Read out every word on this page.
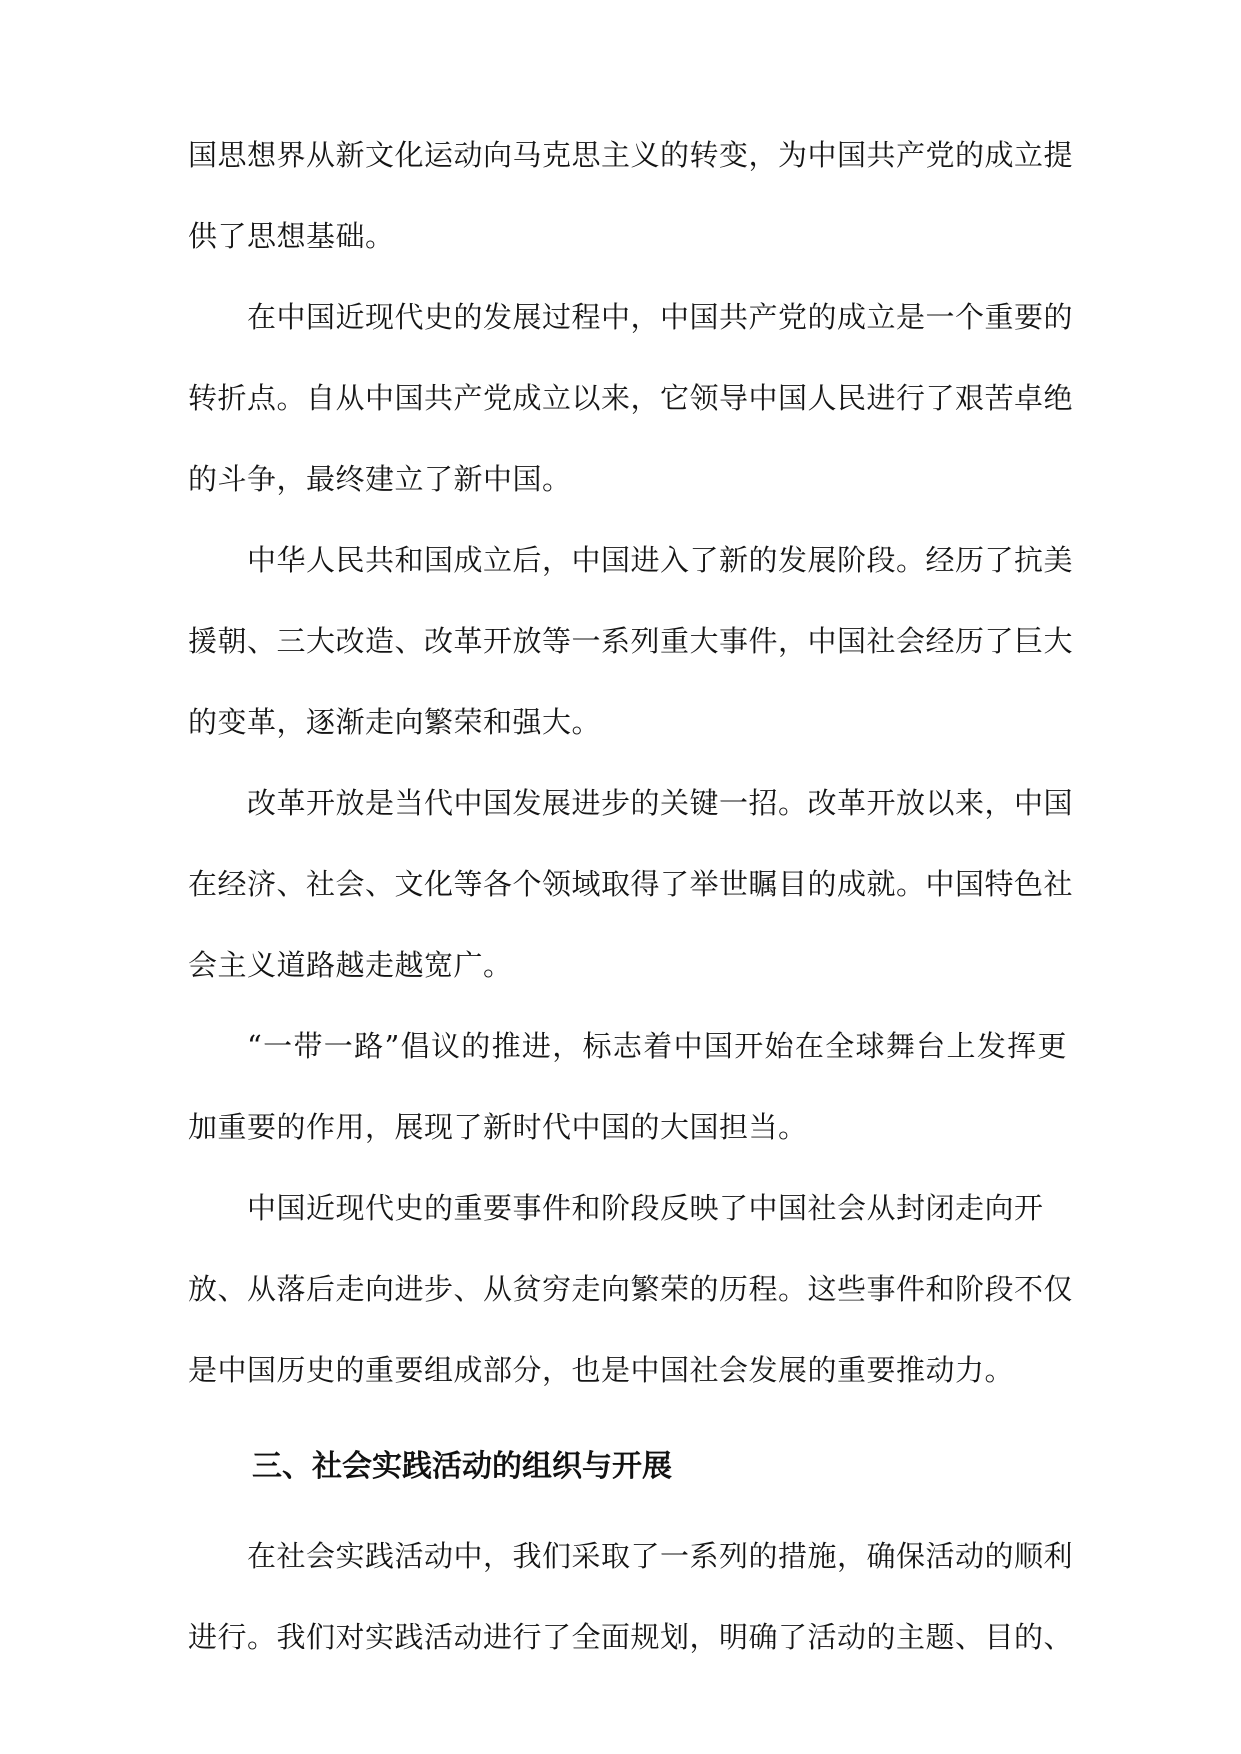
国思想界从新文化运动向马克思主义的转变，为中国共产党的成立提
供了思想基础。
在中国近现代史的发展过程中，中国共产党的成立是一个重要的
转折点。自从中国共产党成立以来，它领导中国人民进行了艰苦卓绝
的斗争，最终建立了新中国。
中华人民共和国成立后，中国进入了新的发展阶段。经历了抗美
援朝、三大改造、改革开放等一系列重大事件，中国社会经历了巨大
的变革，逐渐走向繁荣和强大。
改革开放是当代中国发展进步的关键一招。改革开放以来，中国
在经济、社会、文化等各个领域取得了举世瞩目的成就。中国特色社
会主义道路越走越宽广。
“一带一路”倡议的推进，标志着中国开始在全球舞台上发挥更
加重要的作用，展现了新时代中国的大国担当。
中国近现代史的重要事件和阶段反映了中国社会从封闭走向开
放、从落后走向进步、从贫穷走向繁荣的历程。这些事件和阶段不仅
是中国历史的重要组成部分，也是中国社会发展的重要推动力。
三、社会实践活动的组织与开展
在社会实践活动中，我们采取了一系列的措施，确保活动的顺利
进行。我们对实践活动进行了全面规划，明确了活动的主题、目的、
